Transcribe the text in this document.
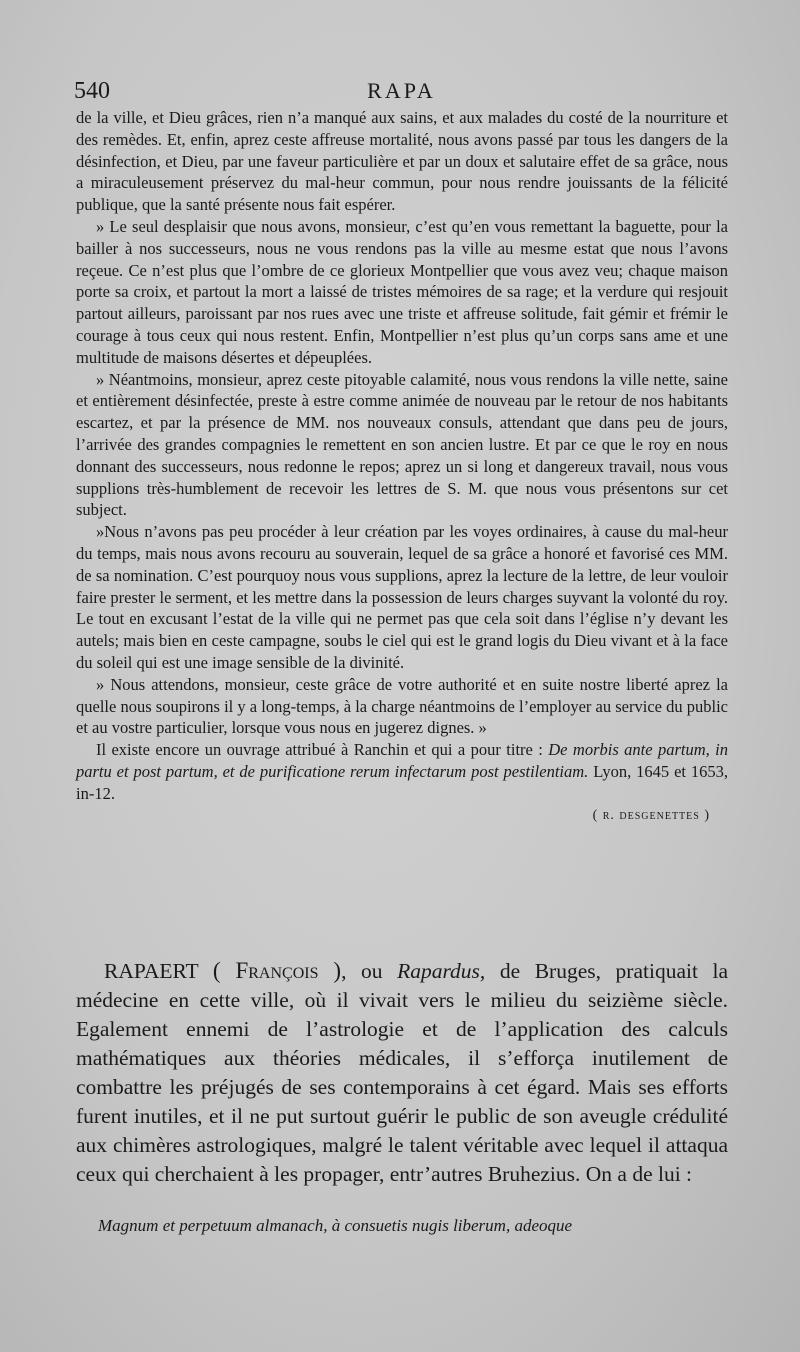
540	RAPA

de la ville, et Dieu grâces, rien n’a manqué aux sains, et aux malades du costé de la nourriture et des remèdes. Et, enfin, aprez ceste affreuse mortalité, nous avons passé par tous les dangers de la désinfection, et Dieu, par une faveur particulière et par un doux et salutaire effet de sa grâce, nous a miraculeusement préservez du mal-heur commun, pour nous rendre jouissants de la félicité publique, que la santé présente nous fait espérer.

» Le seul desplaisir que nous avons, monsieur, c’est qu’en vous remettant la baguette, pour la bailler à nos successeurs, nous ne vous rendons pas la ville au mesme estat que nous l’avons reçeue. Ce n’est plus que l’ombre de ce glorieux Montpellier que vous avez veu; chaque maison porte sa croix, et partout la mort a laissé de tristes mémoires de sa rage; et la verdure qui resjouit partout ailleurs, paroissant par nos rues avec une triste et affreuse solitude, fait gémir et frémir le courage à tous ceux qui nous restent. Enfin, Montpellier n’est plus qu’un corps sans ame et une multitude de maisons désertes et dépeuplées.

» Néantmoins, monsieur, aprez ceste pitoyable calamité, nous vous rendons la ville nette, saine et entièrement désinfectée, preste à estre comme animée de nouveau par le retour de nos habitants escartez, et par la présence de MM. nos nouveaux consuls, attendant que dans peu de jours, l’arrivée des grandes compagnies le remettent en son ancien lustre. Et par ce que le roy en nous donnant des successeurs, nous redonne le repos; aprez un si long et dangereux travail, nous vous supplions très-humblement de recevoir les lettres de S. M. que nous vous présentons sur cet subject.

»Nous n’avons pas peu procéder à leur création par les voyes ordinaires, à cause du mal-heur du temps, mais nous avons recouru au souverain, lequel de sa grâce a honoré et favorisé ces MM. de sa nomination. C’est pourquoy nous vous supplions, aprez la lecture de la lettre, de leur vouloir faire prester le serment, et les mettre dans la possession de leurs charges suyvant la volonté du roy. Le tout en excusant l’estat de la ville qui ne permet pas que cela soit dans l’église n’y devant les autels; mais bien en ceste campagne, soubs le ciel qui est le grand logis du Dieu vivant et à la face du soleil qui est une image sensible de la divinité.

» Nous attendons, monsieur, ceste grâce de votre authorité et en suite nostre liberté aprez la quelle nous soupirons il y a long-temps, à la charge néantmoins de l’employer au service du public et au vostre particulier, lorsque vous nous en jugerez dignes. »

Il existe encore un ouvrage attribué à Ranchin et qui a pour titre : De morbis ante partum, in partu et post partum, et de purificatione rerum infectarum post pestilentiam. Lyon, 1645 et 1653, in-12.

( r. desgenettes )

RAPAERT ( François ), ou Rapardus, de Bruges, pratiquait la médecine en cette ville, où il vivait vers le milieu du seizième siècle. Egalement ennemi de l’astrologie et de l’application des calculs mathématiques aux théories médicales, il s’efforça inutilement de combattre les préjugés de ses contemporains à cet égard. Mais ses efforts furent inutiles, et il ne put surtout guérir le public de son aveugle crédulité aux chimères astrologiques, malgré le talent véritable avec lequel il attaqua ceux qui cherchaient à les propager, entr’autres Bruhezius. On a de lui :

Magnum et perpetuum almanach, à consuetis nugis liberum, adeoque
